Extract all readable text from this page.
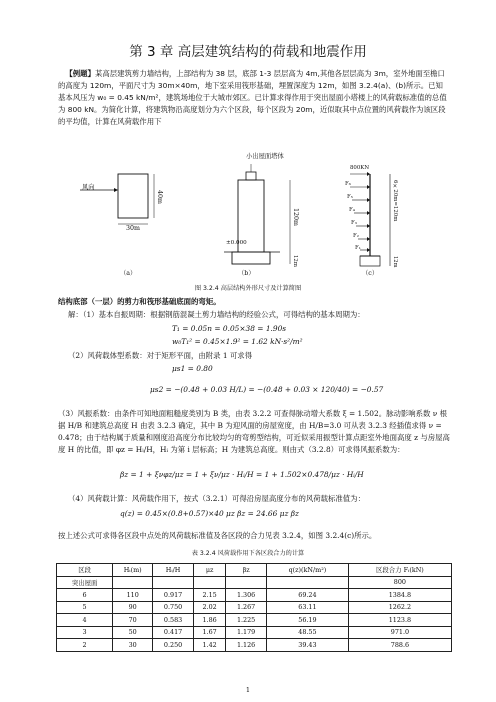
第 3 章 高层建筑结构的荷载和地震作用
 【例题】某高层建筑剪力墙结构，上部结构为 38 层，底部 1-3 层层高为 4m,其他各层层高为 3m，室外地面至檐口的高度为 120m，平面尺寸为 30m×40m，地下室采用筏形基础，埋置深度为 12m，如图 3.2.4(a)、(b)所示。已知基本风压为 w₀ = 0.45 kN/m²，建筑场地位于大城市郊区。已计算求得作用于突出屋面小塔楼上的风荷载标准值的总值为 800 kN。为简化计算，将建筑物沿高度划分为六个区段，每个区段为 20m，近似取其中点位置的风荷载作为该区段的平均值，计算在风荷载作用下
风向
30m
40m
小出屋面塔体
±0.000
120m
12m
800KN
F₆
F₅
F₄
F₃
F₂
F₁
6×20m=120m
12m
（a）	（b）	（c）
图 3.2.4 高层结构外形尺寸及计算简图
结构底部（一层）的剪力和筏形基础底面的弯矩。
解：（1）基本自振周期：根据钢筋混凝土剪力墙结构的经验公式，可得结构的基本周期为：
T₁ = 0.05n = 0.05×38 = 1.90s
w₀T₁² = 0.45×1.9² = 1.62 kN·s²/m²
（2）风荷载体型系数：对于矩形平面，由附录 1 可求得
μs1 = 0.80
μs2 = −(0.48 + 0.03 H/L) = −(0.48 + 0.03 × 120/40) = −0.57
（3）风振系数：由条件可知地面粗糙度类别为 B 类，由表 3.2.2 可查得脉动增大系数 ξ = 1.502。脉动影响系数 ν 根据 H/B 和建筑总高度 H 由表 3.2.3 确定，其中 B 为迎风面的房屋宽度，由 H/B=3.0 可从表 3.2.3 经插值求得 ν = 0.478；由于结构属于质量和刚度沿高度分布比较均匀的弯剪型结构，可近似采用振型计算点距室外地面高度 z 与房屋高度 H 的比值，即 φz = Hᵢ/H，Hᵢ 为第 i 层标高；H 为建筑总高度。则由式（3.2.8）可求得风振系数为：
βz = 1 + ξνφz/μz = 1 + ξν/μz · Hᵢ/H = 1 + 1.502×0.478/μz · Hᵢ/H
（4）风荷载计算：风荷载作用下，按式（3.2.1）可得沿房屋高度分布的风荷载标准值为：
q(z) = 0.45×(0.8+0.57)×40 μz βz = 24.66 μz βz
按上述公式可求得各区段中点处的风荷载标准值及各区段的合力见表 3.2.4，如图 3.2.4(c)所示。
表 3.2.4 风荷载作用下各区段合力的计算
区段	Hᵢ(m)	Hᵢ/H	μz	βz	q(z)(kN/m²)	区段合力 Fᵢ(kN)
突出屋面						800
6	110	0.917	2.15	1.306	69.24	1384.8
5	90	0.750	2.02	1.267	63.11	1262.2
4	70	0.583	1.86	1.225	56.19	1123.8
3	50	0.417	1.67	1.179	48.55	971.0
2	30	0.250	1.42	1.126	39.43	788.6
1
